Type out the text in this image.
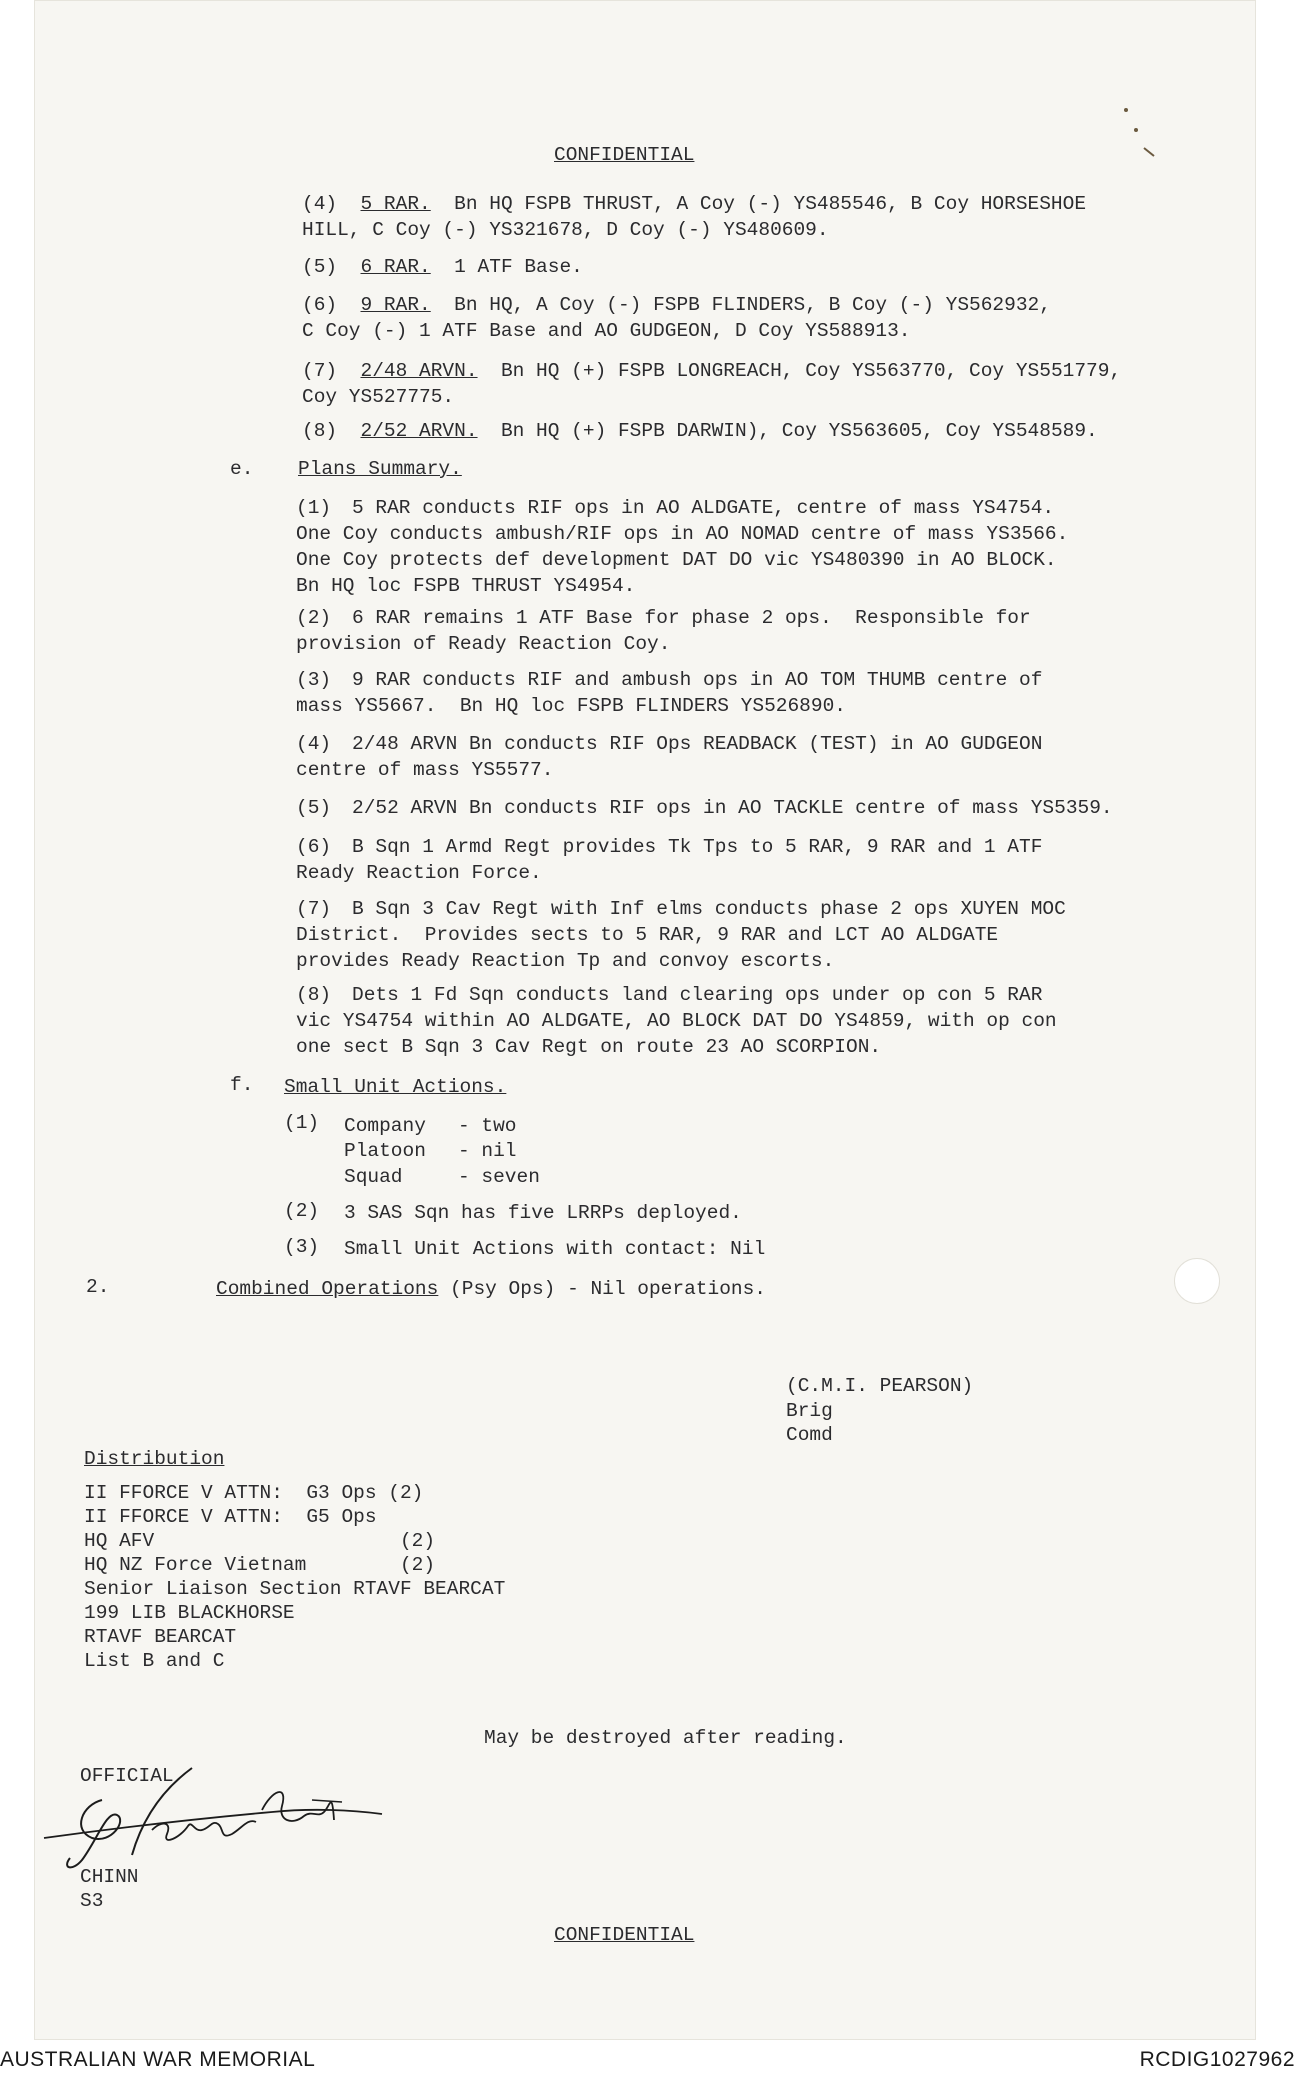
CONFIDENTIAL
(4) 5 RAR.  Bn HQ FSPB THRUST, A Coy (-) YS485546, B Coy HORSESHOE
HILL, C Coy (-) YS321678, D Coy (-) YS480609.
(5) 6 RAR.  1 ATF Base.
(6) 9 RAR.  Bn HQ, A Coy (-) FSPB FLINDERS, B Coy (-) YS562932,
C Coy (-) 1 ATF Base and AO GUDGEON, D Coy YS588913.
(7) 2/48 ARVN.  Bn HQ (+) FSPB LONGREACH, Coy YS563770, Coy YS551779,
Coy YS527775.
(8) 2/52 ARVN.  Bn HQ (+) FSPB DARWIN), Coy YS563605, Coy YS548589.
e. Plans Summary.
(1)	5 RAR conducts RIF ops in AO ALDGATE, centre of mass YS4754.
One Coy conducts ambush/RIF ops in AO NOMAD centre of mass YS3566.
One Coy protects def development DAT DO vic YS480390 in AO BLOCK.
Bn HQ loc FSPB THRUST YS4954.
(2)	6 RAR remains 1 ATF Base for phase 2 ops.  Responsible for
provision of Ready Reaction Coy.
(3)	9 RAR conducts RIF and ambush ops in AO TOM THUMB centre of
mass YS5667.  Bn HQ loc FSPB FLINDERS YS526890.
(4)	2/48 ARVN Bn conducts RIF Ops READBACK (TEST) in AO GUDGEON
centre of mass YS5577.
(5)	2/52 ARVN Bn conducts RIF ops in AO TACKLE centre of mass YS5359.
(6)	B Sqn 1 Armd Regt provides Tk Tps to 5 RAR, 9 RAR and 1 ATF
Ready Reaction Force.
(7)	B Sqn 3 Cav Regt with Inf elms conducts phase 2 ops XUYEN MOC
District.  Provides sects to 5 RAR, 9 RAR and LCT AO ALDGATE
provides Ready Reaction Tp and convoy escorts.
(8)	Dets 1 Fd Sqn conducts land clearing ops under op con 5 RAR
vic YS4754 within AO ALDGATE, AO BLOCK DAT DO YS4859, with op con
one sect B Sqn 3 Cav Regt on route 23 AO SCORPION.
f. Small Unit Actions.
(1) Company - two
Platoon - nil
Squad	- seven
(2) 3 SAS Sqn has five LRRPs deployed.
(3) Small Unit Actions with contact: Nil
2.	Combined Operations (Psy Ops) - Nil operations.
(C.M.I. PEARSON)
Brig
Comd
Distribution
II FFORCE V ATTN:  G3 Ops (2)
II FFORCE V ATTN:  G5 Ops
HQ AFV                     (2)
HQ NZ Force Vietnam        (2)
Senior Liaison Section RTAVF BEARCAT
199 LIB BLACKHORSE
RTAVF BEARCAT
List B and C
May be destroyed after reading.
OFFICIAL
CHINN
S3
CONFIDENTIAL
AUSTRALIAN WAR MEMORIAL	RCDIG1027962
